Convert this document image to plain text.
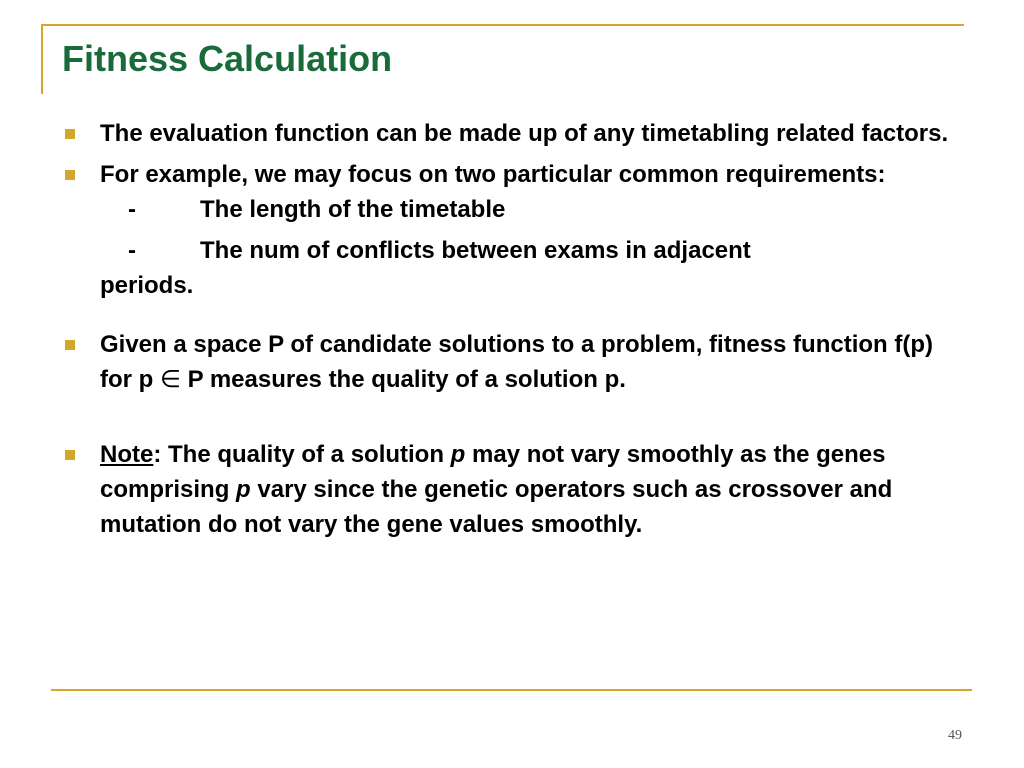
Fitness Calculation
The evaluation function can be made up of any timetabling related factors.
For example, we may focus on two particular common requirements:
-	The length of the timetable
-	The num of conflicts between exams in adjacent
periods.
Given a space P of candidate solutions to a problem, fitness function f(p) for p ∈ P measures the quality of a solution p.
Note: The quality of a solution p may not vary smoothly as the genes comprising p vary since the genetic operators such as crossover and mutation do not vary the gene values smoothly.
49
